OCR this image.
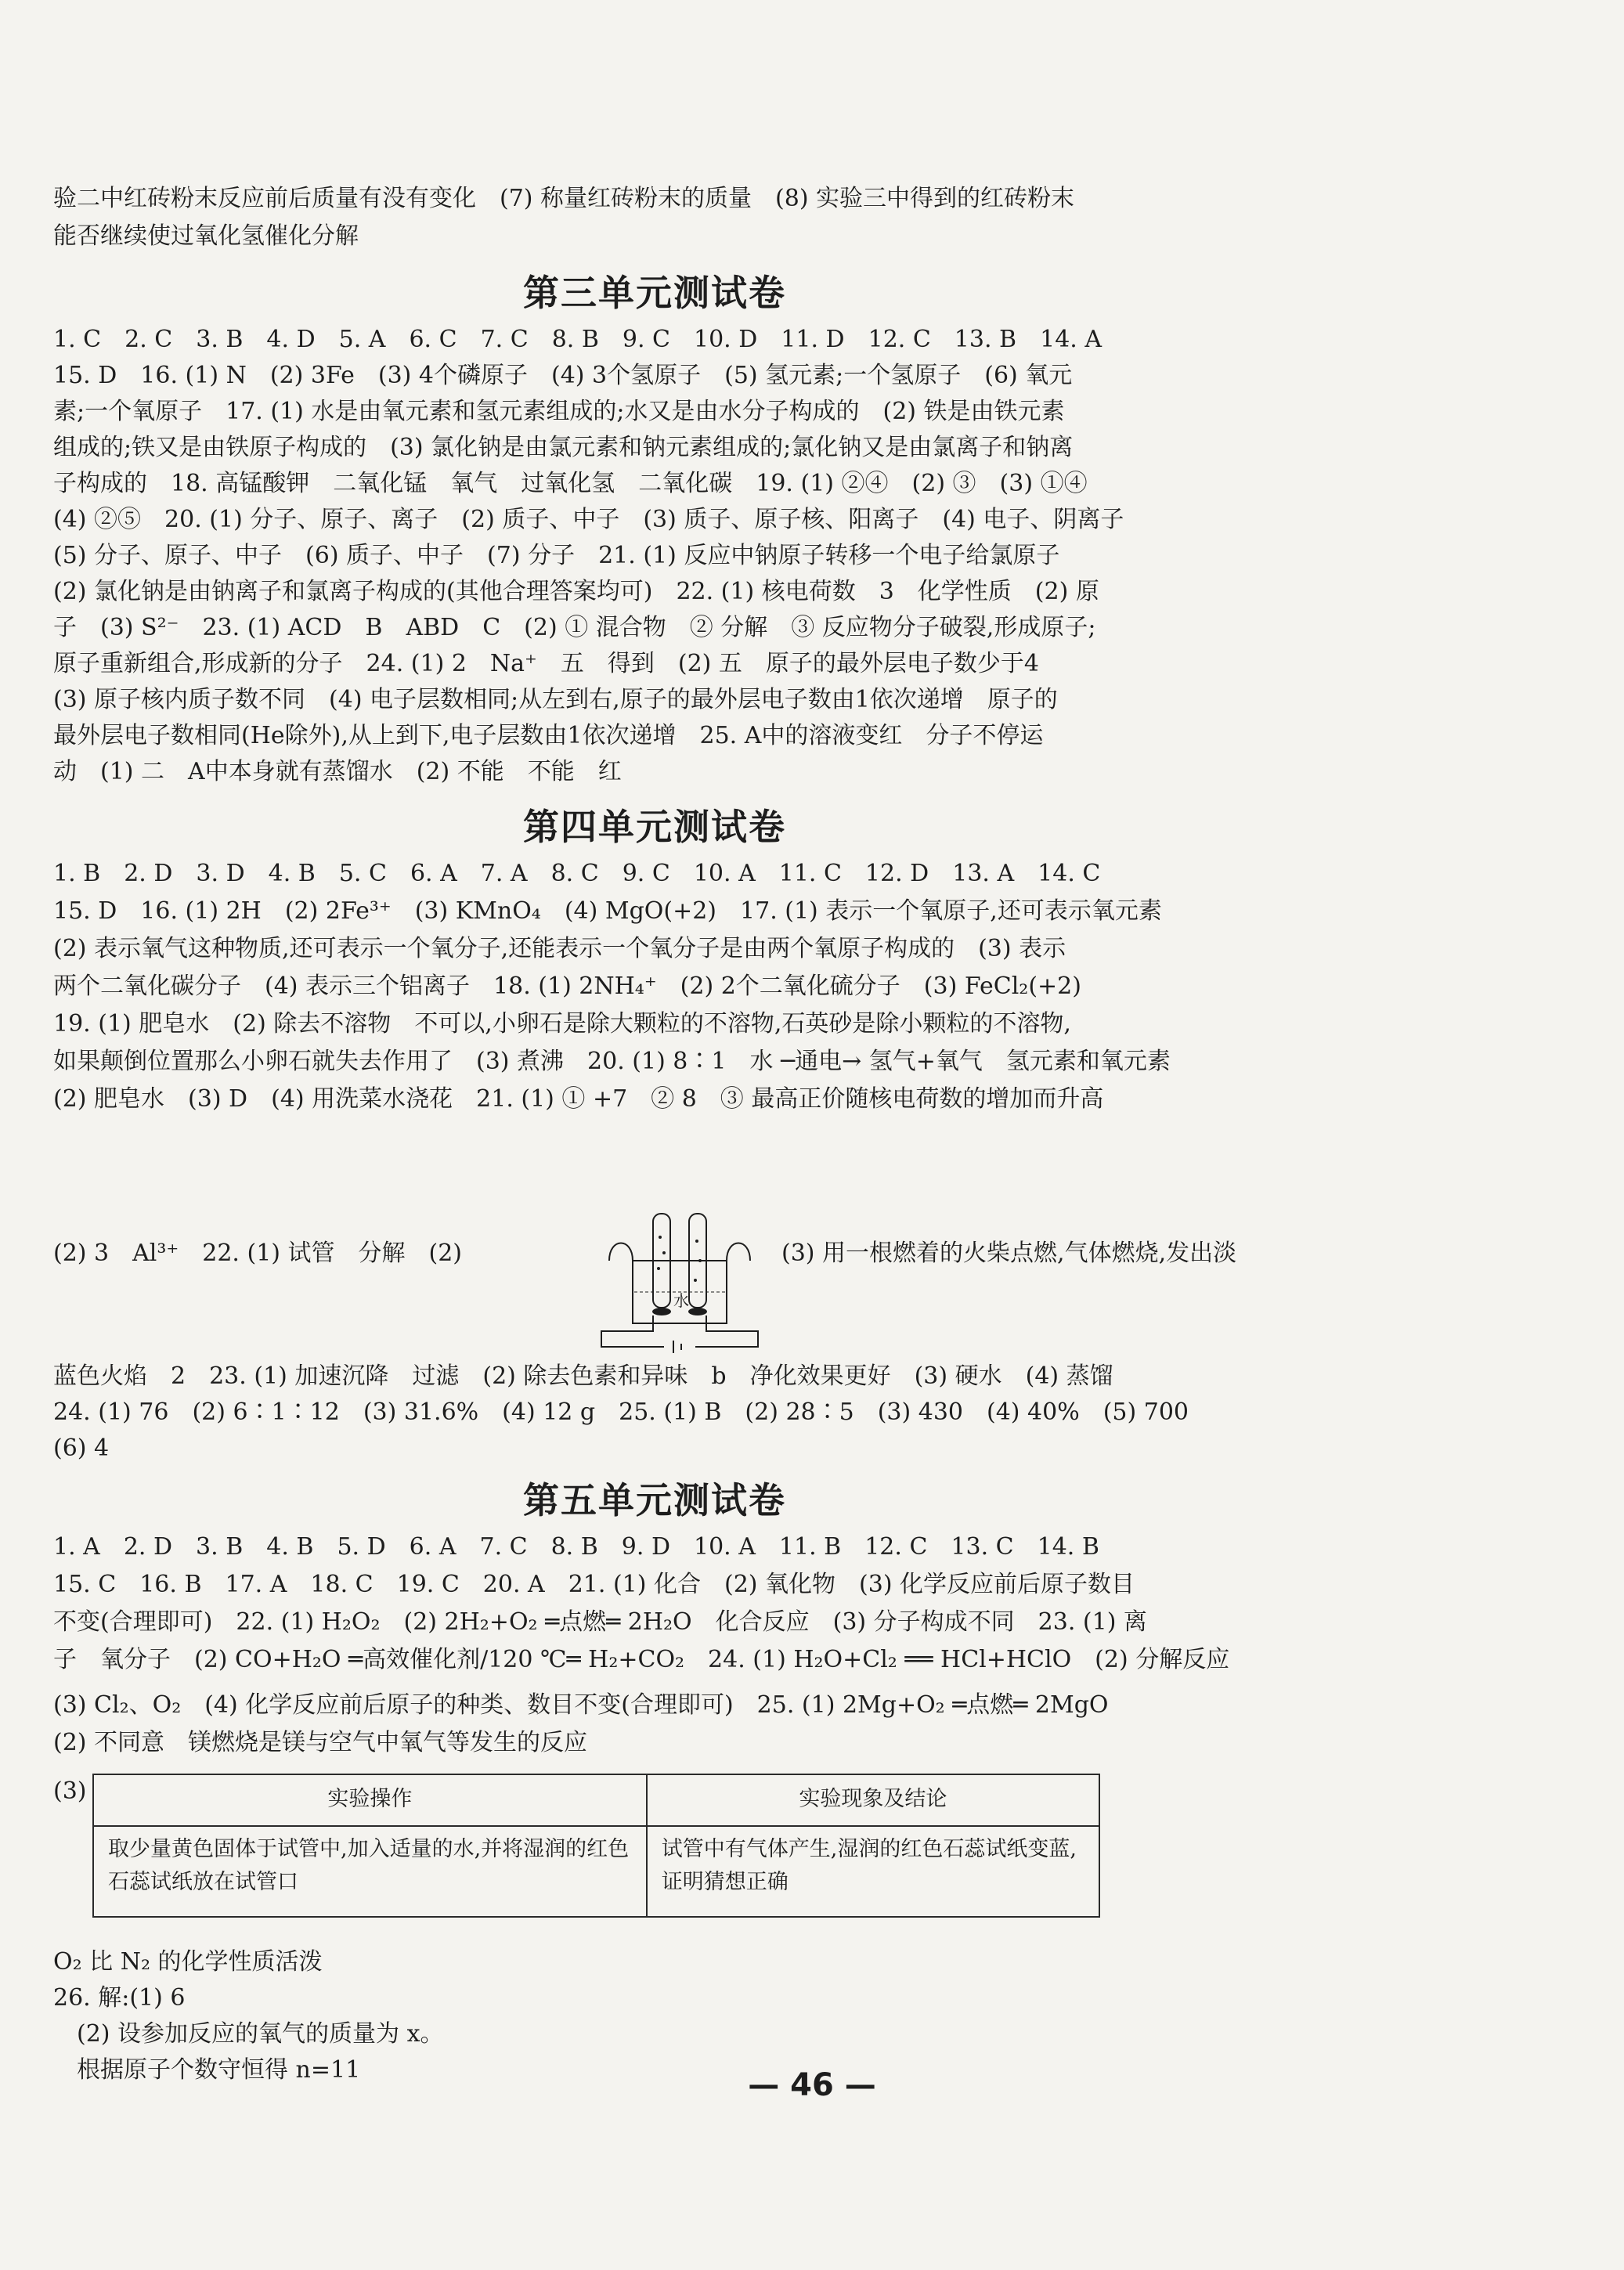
验二中红砖粉末反应前后质量有没有变化　(7) 称量红砖粉末的质量　(8) 实验三中得到的红砖粉末
能否继续使过氧化氢催化分解
第三单元测试卷
1. C　2. C　3. B　4. D　5. A　6. C　7. C　8. B　9. C　10. D　11. D　12. C　13. B　14. A
15. D　16. (1) N　(2) 3Fe　(3) 4个磷原子　(4) 3个氢原子　(5) 氢元素;一个氢原子　(6) 氧元
素;一个氧原子　17. (1) 水是由氧元素和氢元素组成的;水又是由水分子构成的　(2) 铁是由铁元素
组成的;铁又是由铁原子构成的　(3) 氯化钠是由氯元素和钠元素组成的;氯化钠又是由氯离子和钠离
子构成的　18. 高锰酸钾　二氧化锰　氧气　过氧化氢　二氧化碳　19. (1) ②④　(2) ③　(3) ①④
(4) ②⑤　20. (1) 分子、原子、离子　(2) 质子、中子　(3) 质子、原子核、阳离子　(4) 电子、阴离子
(5) 分子、原子、中子　(6) 质子、中子　(7) 分子　21. (1) 反应中钠原子转移一个电子给氯原子
(2) 氯化钠是由钠离子和氯离子构成的(其他合理答案均可)　22. (1) 核电荷数　3　化学性质　(2) 原
子　(3) S²⁻　23. (1) ACD　B　ABD　C　(2) ① 混合物　② 分解　③ 反应物分子破裂,形成原子;
原子重新组合,形成新的分子　24. (1) 2　Na⁺　五　得到　(2) 五　原子的最外层电子数少于4
(3) 原子核内质子数不同　(4) 电子层数相同;从左到右,原子的最外层电子数由1依次递增　原子的
最外层电子数相同(He除外),从上到下,电子层数由1依次递增　25. A中的溶液变红　分子不停运
动　(1) 二　A中本身就有蒸馏水　(2) 不能　不能　红
第四单元测试卷
1. B　2. D　3. D　4. B　5. C　6. A　7. A　8. C　9. C　10. A　11. C　12. D　13. A　14. C
15. D　16. (1) 2H　(2) 2Fe³⁺　(3) KMnO₄　(4) MgO(+2)　17. (1) 表示一个氧原子,还可表示氧元素
(2) 表示氧气这种物质,还可表示一个氧分子,还能表示一个氧分子是由两个氧原子构成的　(3) 表示
两个二氧化碳分子　(4) 表示三个铝离子　18. (1) 2NH₄⁺　(2) 2个二氧化硫分子　(3) FeCl₂(+2)
19. (1) 肥皂水　(2) 除去不溶物　不可以,小卵石是除大颗粒的不溶物,石英砂是除小颗粒的不溶物,
如果颠倒位置那么小卵石就失去作用了　(3) 煮沸　20. (1) 8∶1　水 ─通电→ 氢气+氧气　氢元素和氧元素
(2) 肥皂水　(3) D　(4) 用洗菜水浇花　21. (1) ① +7　② 8　③ 最高正价随核电荷数的增加而升高
(2) 3　Al³⁺　22. (1) 试管　分解　(2)
水
(3) 用一根燃着的火柴点燃,气体燃烧,发出淡
蓝色火焰　2　23. (1) 加速沉降　过滤　(2) 除去色素和异味　b　净化效果更好　(3) 硬水　(4) 蒸馏
24. (1) 76　(2) 6∶1∶12　(3) 31.6%　(4) 12 g　25. (1) B　(2) 28∶5　(3) 430　(4) 40%　(5) 700
(6) 4
第五单元测试卷
1. A　2. D　3. B　4. B　5. D　6. A　7. C　8. B　9. D　10. A　11. B　12. C　13. C　14. B
15. C　16. B　17. A　18. C　19. C　20. A　21. (1) 化合　(2) 氧化物　(3) 化学反应前后原子数目
不变(合理即可)　22. (1) H₂O₂　(2) 2H₂+O₂ ═点燃═ 2H₂O　化合反应　(3) 分子构成不同　23. (1) 离
子　氧分子　(2) CO+H₂O ═高效催化剂/120 ℃═ H₂+CO₂　24. (1) H₂O+Cl₂ ══ HCl+HClO　(2) 分解反应
(3) Cl₂、O₂　(4) 化学反应前后原子的种类、数目不变(合理即可)　25. (1) 2Mg+O₂ ═点燃═ 2MgO
(2) 不同意　镁燃烧是镁与空气中氧气等发生的反应
(3)	实验操作	实验现象及结论
取少量黄色固体于试管中,加入适量的水,并将湿润的红色石蕊试纸放在试管口	试管中有气体产生,湿润的红色石蕊试纸变蓝,证明猜想正确
O₂ 比 N₂ 的化学性质活泼
26. 解:(1) 6
　(2) 设参加反应的氧气的质量为 x。
　根据原子个数守恒得 n=11	— 46 —
